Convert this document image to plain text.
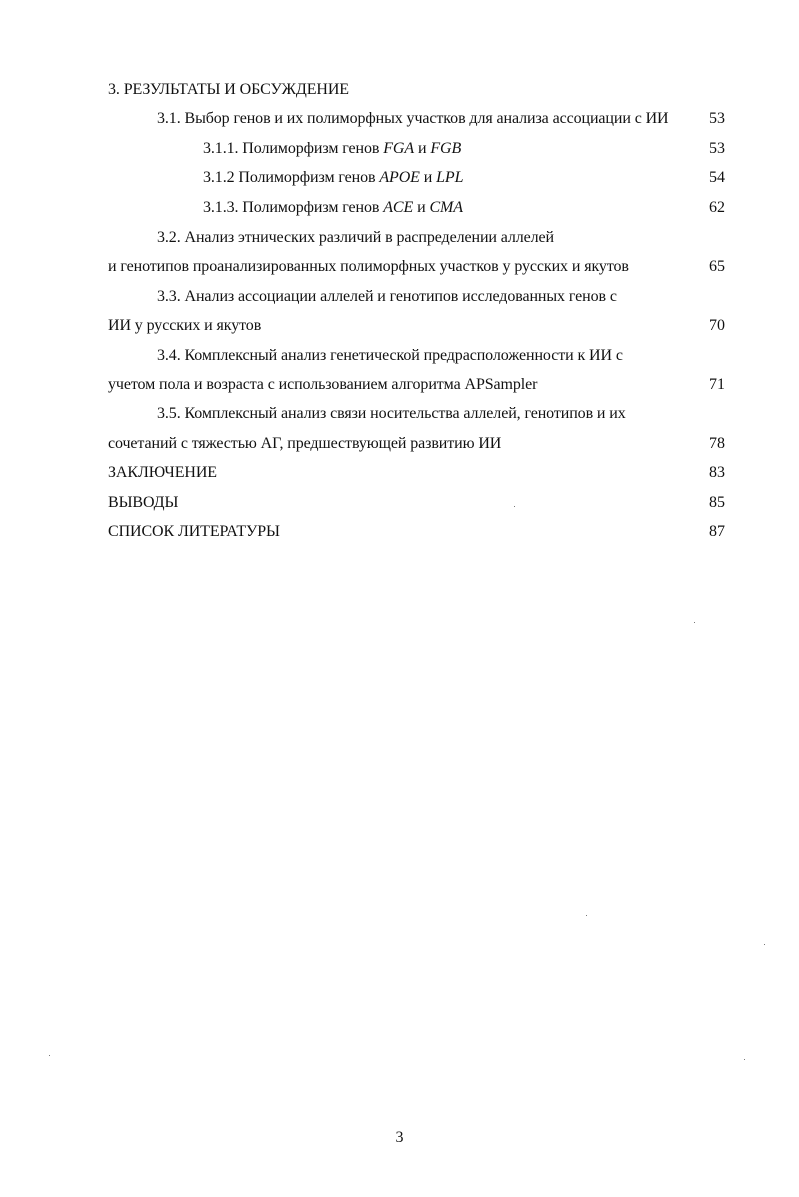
3. РЕЗУЛЬТАТЫ И ОБСУЖДЕНИЕ
3.1. Выбор генов и их полиморфных участков для анализа ассоциации с ИИ	53
3.1.1. Полиморфизм генов FGA и FGB	53
3.1.2 Полиморфизм генов APOE и LPL	54
3.1.3. Полиморфизм генов ACE и CMA	62
3.2. Анализ этнических различий в распределении аллелей
и генотипов проанализированных полиморфных участков у русских и якутов	65
3.3. Анализ ассоциации аллелей и генотипов исследованных генов с
ИИ у русских и якутов	70
3.4. Комплексный анализ генетической предрасположенности к ИИ с
учетом пола и возраста с использованием алгоритма APSampler	71
3.5. Комплексный анализ связи носительства аллелей, генотипов и их
сочетаний с тяжестью АГ, предшествующей развитию ИИ	78
ЗАКЛЮЧЕНИЕ	83
ВЫВОДЫ	85
СПИСОК ЛИТЕРАТУРЫ	87
3
